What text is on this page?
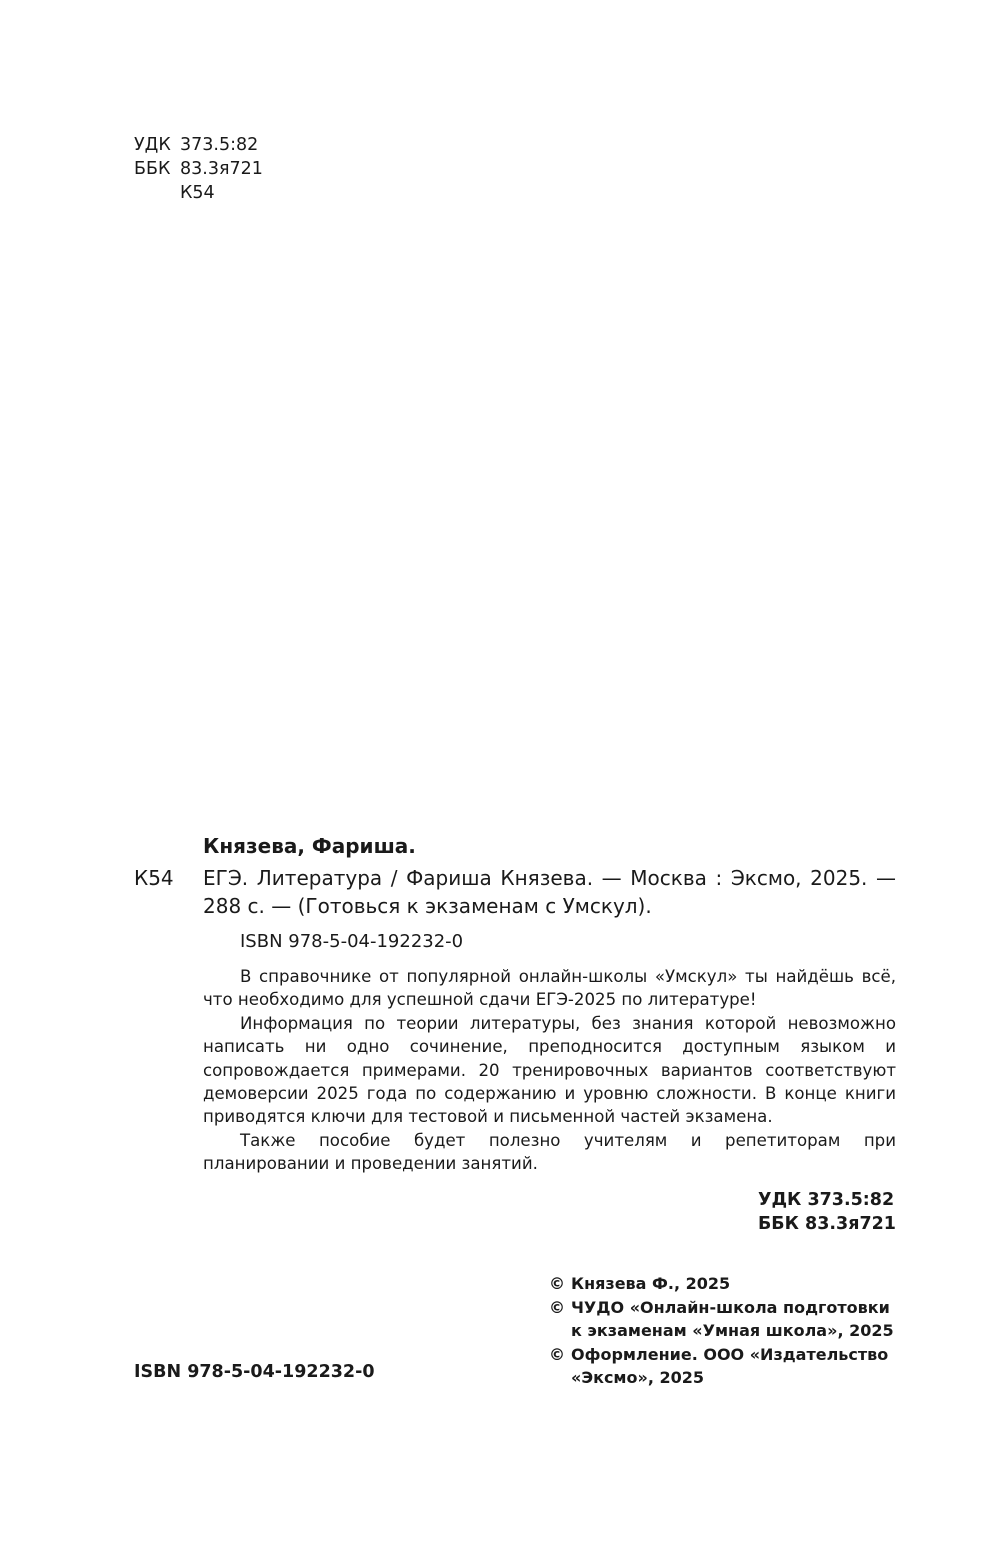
УДК 373.5:82
ББК 83.3я721
К54
Князева, Фариша.
К54	ЕГЭ. Литература / Фариша Князева. — Москва : Эксмо, 2025. — 288 с. — (Готовься к экзаменам с Умскул).
ISBN 978-5-04-192232-0

В справочнике от популярной онлайн-школы «Умскул» ты найдёшь всё, что необходимо для успешной сдачи ЕГЭ-2025 по литературе!

Информация по теории литературы, без знания которой невозможно написать ни одно сочинение, преподносится доступным языком и сопровождается примерами. 20 тренировочных вариантов соответствуют демоверсии 2025 года по содержанию и уровню сложности. В конце книги приводятся ключи для тестовой и письменной частей экзамена.

Также пособие будет полезно учителям и репетиторам при планировании и проведении занятий.

УДК 373.5:82
ББК 83.3я721
© Князева Ф., 2025
© ЧУДО «Онлайн-школа подготовки к экзаменам «Умная школа», 2025
© Оформление. ООО «Издательство «Эксмо», 2025
ISBN 978-5-04-192232-0
